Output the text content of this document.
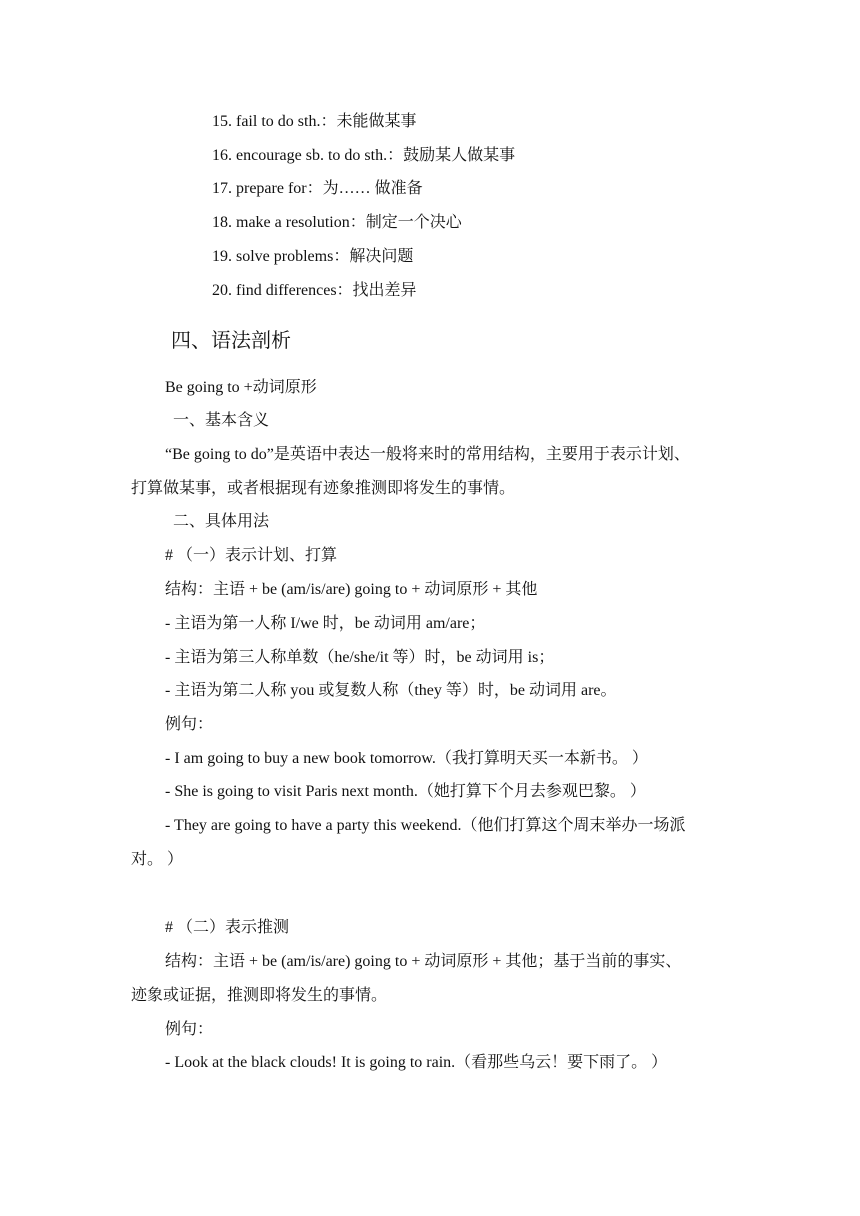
15. fail to do sth.：未能做某事
16. encourage sb. to do sth.：鼓励某人做某事
17. prepare for：为…… 做准备
18. make a resolution：制定一个决心
19. solve problems：解决问题
20. find differences：找出差异
四、语法剖析
Be going to +动词原形
一、基本含义
“Be going to do”是英语中表达一般将来时的常用结构，主要用于表示计划、
打算做某事，或者根据现有迹象推测即将发生的事情。
二、具体用法
# （一）表示计划、打算
结构：主语 + be (am/is/are) going to + 动词原形 + 其他
- 主语为第一人称 I/we 时，be 动词用 am/are；
- 主语为第三人称单数（he/she/it 等）时，be 动词用 is；
- 主语为第二人称 you 或复数人称（they 等）时，be 动词用 are。
例句：
- I am going to buy a new book tomorrow.（我打算明天买一本新书。 ）
- She is going to visit Paris next month.（她打算下个月去参观巴黎。 ）
- They are going to have a party this weekend.（他们打算这个周末举办一场派
对。 ）
# （二）表示推测
结构：主语 + be (am/is/are) going to + 动词原形 + 其他；基于当前的事实、
迹象或证据，推测即将发生的事情。
例句：
- Look at the black clouds! It is going to rain.（看那些乌云！要下雨了。 ）
